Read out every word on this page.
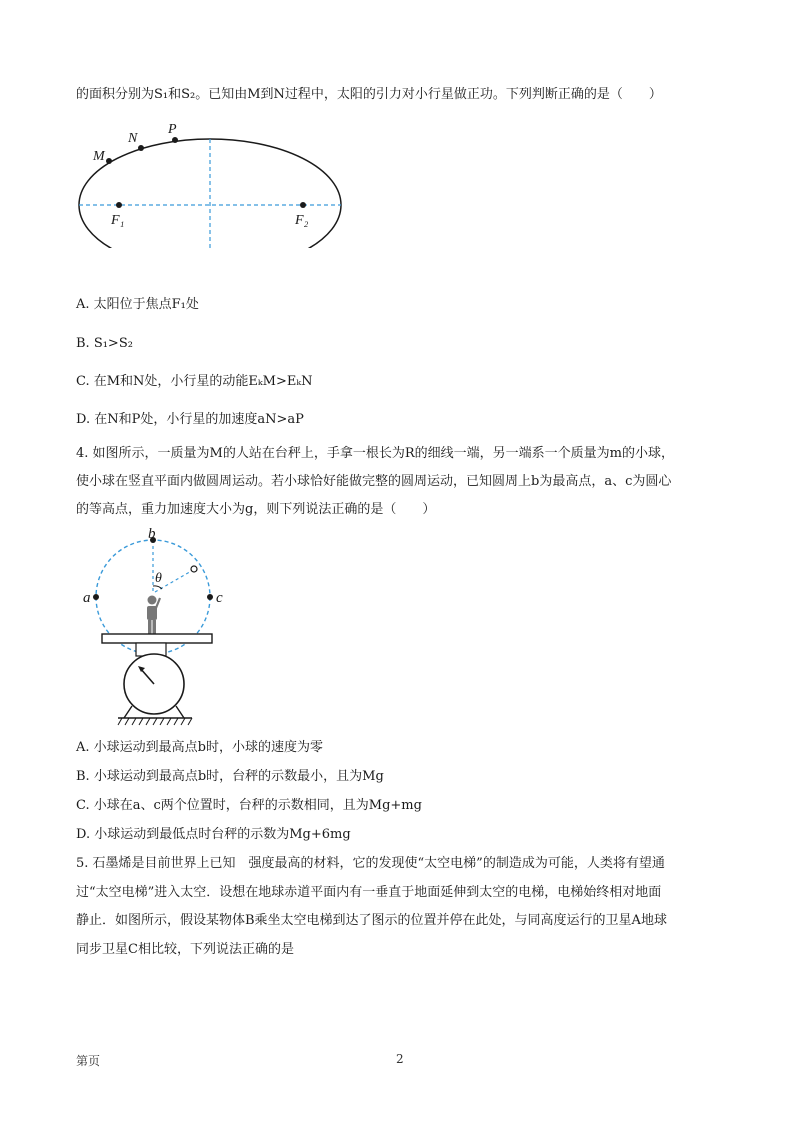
的面积分别为S₁和S₂。已知由M到N过程中，太阳的引力对小行星做正功。下列判断正确的是（　　）
M
N
P
F₁	F₂
A. 太阳位于焦点F₁处
B. S₁>S₂
C. 在M和N处，小行星的动能EₖM>EₖN
D. 在N和P处，小行星的加速度aN>aP
4. 如图所示，一质量为M的人站在台秤上，手拿一根长为R的细线一端，另一端系一个质量为m的小球，
使小球在竖直平面内做圆周运动。若小球恰好能做完整的圆周运动，已知圆周上b为最高点，a、c为圆心
的等高点，重力加速度大小为g，则下列说法正确的是（　　）
b
a	c
θ
A. 小球运动到最高点b时，小球的速度为零
B. 小球运动到最高点b时，台秤的示数最小，且为Mg
C. 小球在a、c两个位置时，台秤的示数相同，且为Mg+mg
D. 小球运动到最低点时台秤的示数为Mg+6mg
5. 石墨烯是目前世界上已知　强度最高的材料，它的发现使“太空电梯”的制造成为可能，人类将有望通
过“太空电梯”进入太空．设想在地球赤道平面内有一垂直于地面延伸到太空的电梯，电梯始终相对地面
静止．如图所示，假设某物体B乘坐太空电梯到达了图示的位置并停在此处，与同高度运行的卫星A地球
同步卫星C相比较，下列说法正确的是
第页	2
